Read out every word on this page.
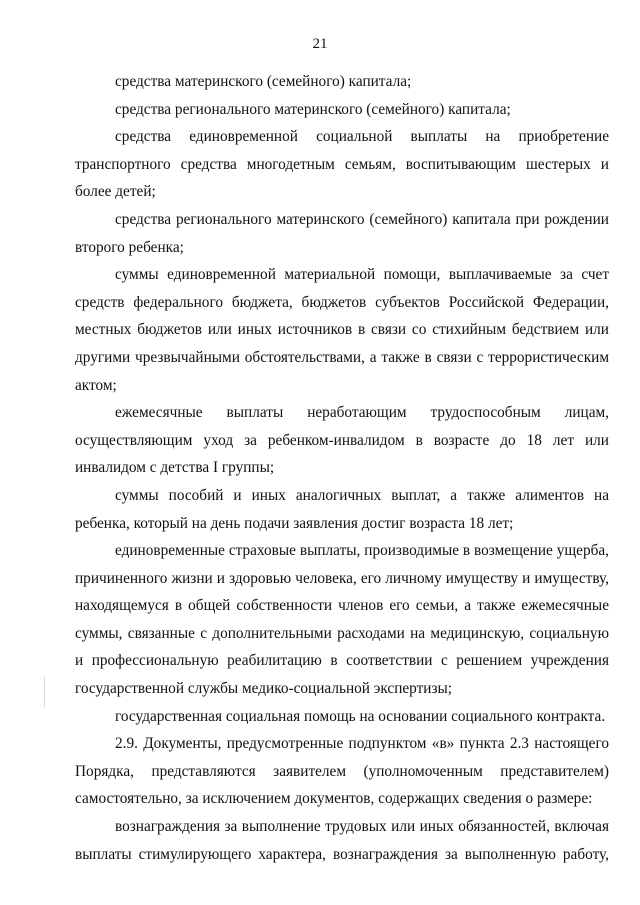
21

средства материнского (семейного) капитала;

средства регионального материнского (семейного) капитала;

средства единовременной социальной выплаты на приобретение транспортного средства многодетным семьям, воспитывающим шестерых и более детей;

средства регионального материнского (семейного) капитала при рождении второго ребенка;

суммы единовременной материальной помощи, выплачиваемые за счет средств федерального бюджета, бюджетов субъектов Российской Федерации, местных бюджетов или иных источников в связи со стихийным бедствием или другими чрезвычайными обстоятельствами, а также в связи с террористическим актом;

ежемесячные выплаты неработающим трудоспособным лицам, осуществляющим уход за ребенком-инвалидом в возрасте до 18 лет или инвалидом с детства I группы;

суммы пособий и иных аналогичных выплат, а также алиментов на ребенка, который на день подачи заявления достиг возраста 18 лет;

единовременные страховые выплаты, производимые в возмещение ущерба, причиненного жизни и здоровью человека, его личному имуществу и имуществу, находящемуся в общей собственности членов его семьи, а также ежемесячные суммы, связанные с дополнительными расходами на медицинскую, социальную и профессиональную реабилитацию в соответствии с решением учреждения государственной службы медико-социальной экспертизы;

государственная социальная помощь на основании социального контракта.

2.9. Документы, предусмотренные подпунктом «в» пункта 2.3 настоящего Порядка, представляются заявителем (уполномоченным представителем) самостоятельно, за исключением документов, содержащих сведения о размере:

вознаграждения за выполнение трудовых или иных обязанностей, включая выплаты стимулирующего характера, вознаграждения за выполненную работу,
